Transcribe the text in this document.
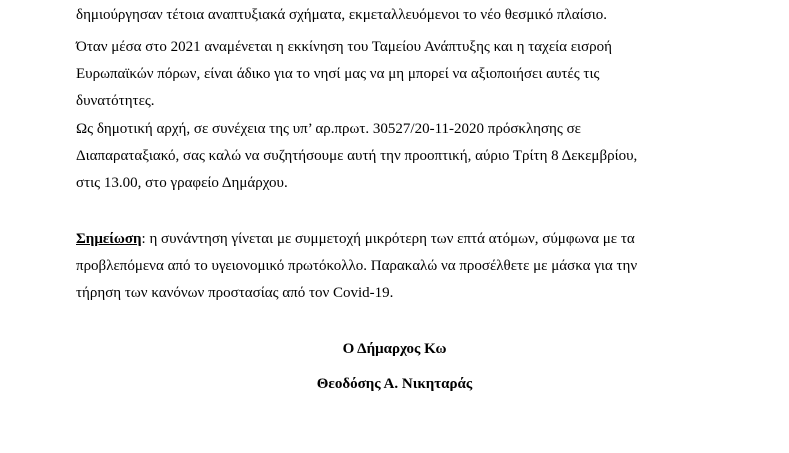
δημιούργησαν τέτοια αναπτυξιακά σχήματα, εκμεταλλευόμενοι το νέο θεσμικό πλαίσιο.
Όταν μέσα στο 2021 αναμένεται η εκκίνηση του Ταμείου Ανάπτυξης και η ταχεία εισροή
Ευρωπαϊκών πόρων, είναι άδικο για το νησί μας να μη μπορεί να αξιοποιήσει αυτές τις
δυνατότητες.
Ως δημοτική αρχή, σε συνέχεια της υπ’ αρ.πρωτ. 30527/20-11-2020 πρόσκλησης σε
Διαπαραταξιακό, σας καλώ να συζητήσουμε αυτή την προοπτική, αύριο Τρίτη 8 Δεκεμβρίου,
στις 13.00, στο γραφείο Δημάρχου.
Σημείωση: η συνάντηση γίνεται με συμμετοχή μικρότερη των επτά ατόμων, σύμφωνα με τα
προβλεπόμενα από το υγειονομικό πρωτόκολλο. Παρακαλώ να προσέλθετε με μάσκα για την
τήρηση των κανόνων προστασίας από τον Covid-19.
Ο Δήμαρχος Κω
Θεοδόσης Α. Νικηταράς
